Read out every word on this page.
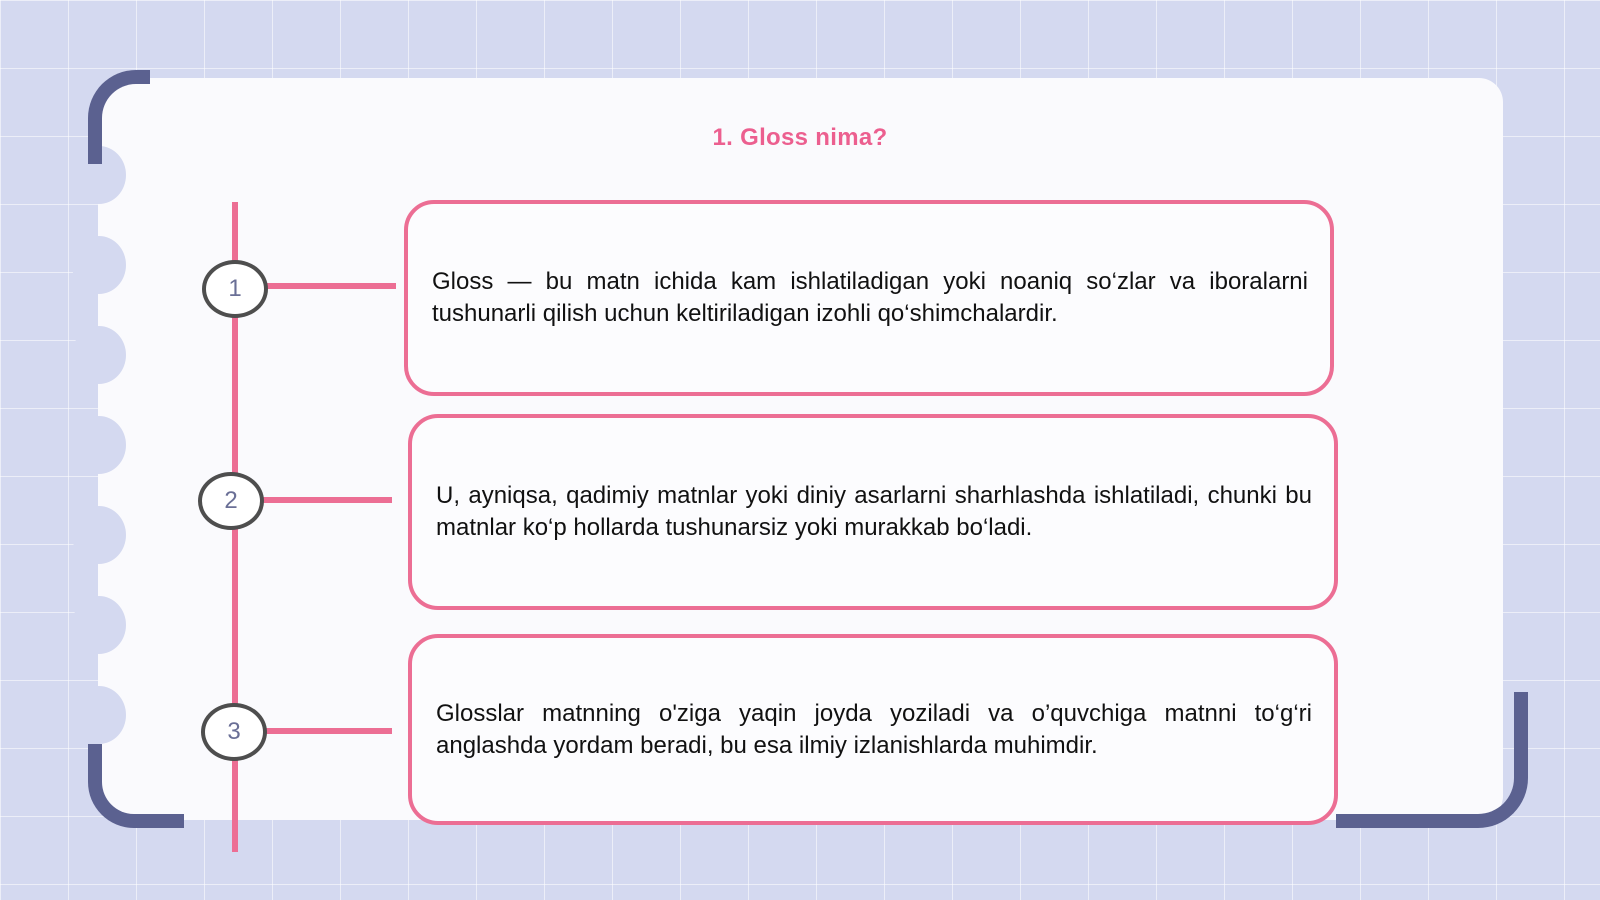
1. Gloss nima?
1
2
3

Gloss — bu matn ichida kam ishlatiladigan yoki noaniq so‘zlar va iboralarni tushunarli qilish uchun keltiriladigan izohli qo‘shimchalardir.

U, ayniqsa, qadimiy matnlar yoki diniy asarlarni sharhlashda ishlatiladi, chunki bu matnlar ko‘p hollarda tushunarsiz yoki murakkab bo‘ladi.

Glosslar matnning o'ziga yaqin joyda yoziladi va o’quvchiga matnni to‘g‘ri anglashda yordam beradi, bu esa ilmiy izlanishlarda muhimdir.
